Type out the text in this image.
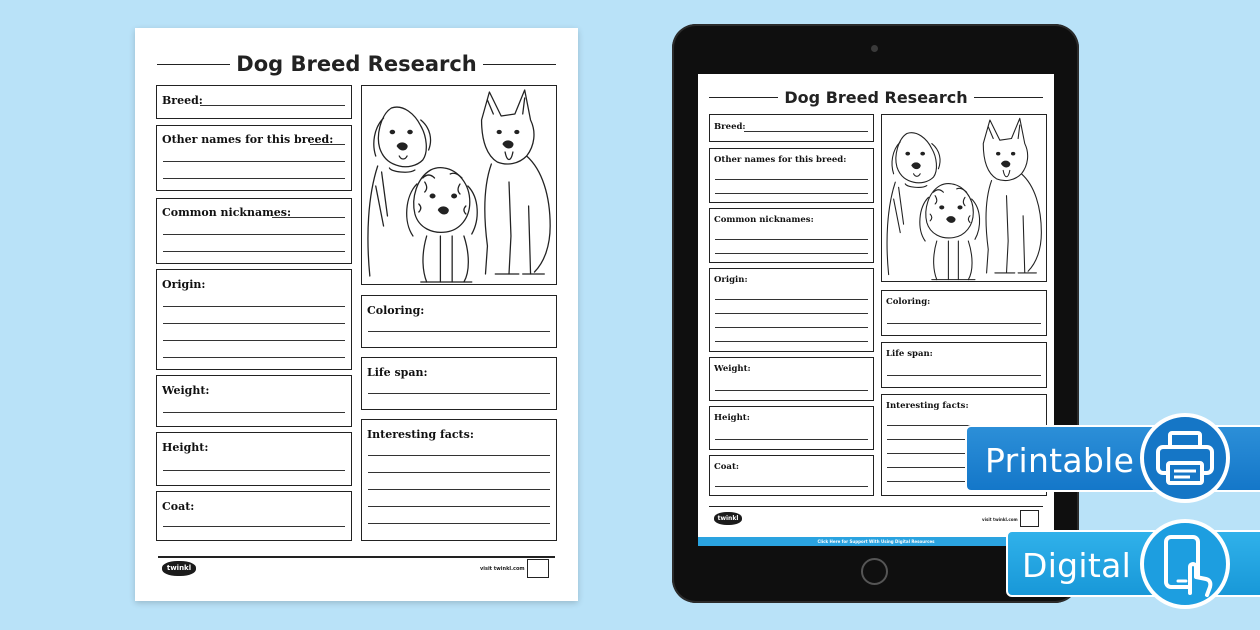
Dog Breed Research
Breed:
Other names for this breed:
Common nicknames:
Origin:
Weight:
Height:
Coat:
Coloring:
Life span:
Interesting facts:
twinkl	visit twinkl.com
Dog Breed Research
Breed:
Other names for this breed:
Common nicknames:
Origin:
Weight:
Height:
Coat:
Coloring:
Life span:
Interesting facts:
twinkl	visit twinkl.com
Click Here for Support With Using Digital Resources
Printable
Digital
